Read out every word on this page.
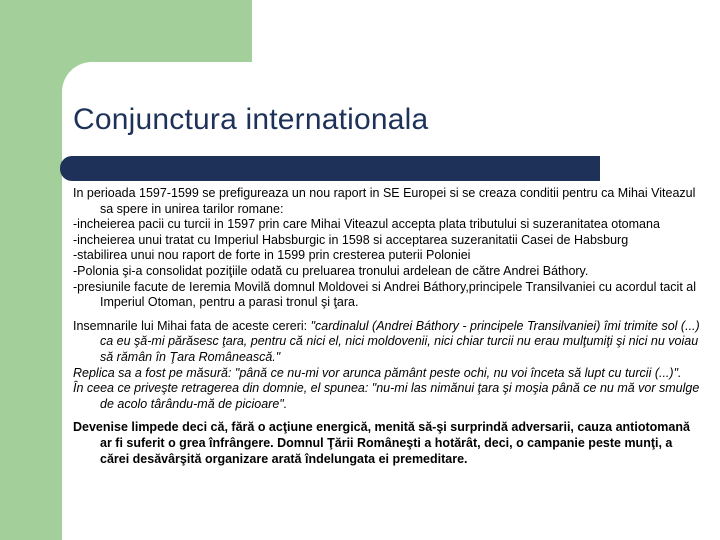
Conjunctura internationala

In perioada 1597-1599 se prefigureaza un nou raport in SE Europei si se creaza conditii pentru ca Mihai Viteazul sa spere in unirea tarilor romane:

-incheierea pacii cu turcii in 1597 prin care Mihai Viteazul accepta plata tributului si suzeranitatea otomana

-incheierea unui tratat cu Imperiul Habsburgic in 1598 si acceptarea suzeranitatii Casei de Habsburg

-stabilirea unui nou raport de forte in 1599 prin cresterea puterii Poloniei

-Polonia şi-a consolidat poziţiile odată cu preluarea tronului ardelean de către Andrei Báthory.

-presiunile facute de Ieremia Movilă domnul Moldovei si Andrei Báthory,principele Transilvaniei cu acordul tacit al Imperiul Otoman, pentru a parasi tronul şi ţara.

Insemnarile lui Mihai fata de aceste cereri: "cardinalul (Andrei Báthory - principele Transilvaniei) îmi trimite sol (...) ca eu şă-mi părăsesc ţara, pentru că nici el, nici moldovenii, nici chiar turcii nu erau mulţumiţi şi nici nu voiau să rămân în Ţara Românească."

Replica sa a fost pe măsură: "până ce nu-mi vor arunca pământ peste ochi, nu voi înceta să lupt cu turcii (...)".

În ceea ce priveşte retragerea din domnie, el spunea: "nu-mi las nimănui ţara şi moşia până ce nu mă vor smulge de acolo târându-mă de picioare".

Devenise limpede deci că, fără o acţiune energică, menită să-şi surprindă adversarii, cauza antiotomană ar fi suferit o grea înfrângere. Domnul Ţării Româneşti a hotărât, deci, o campanie peste munţi, a cărei desăvârşită organizare arată îndelungata ei premeditare.
